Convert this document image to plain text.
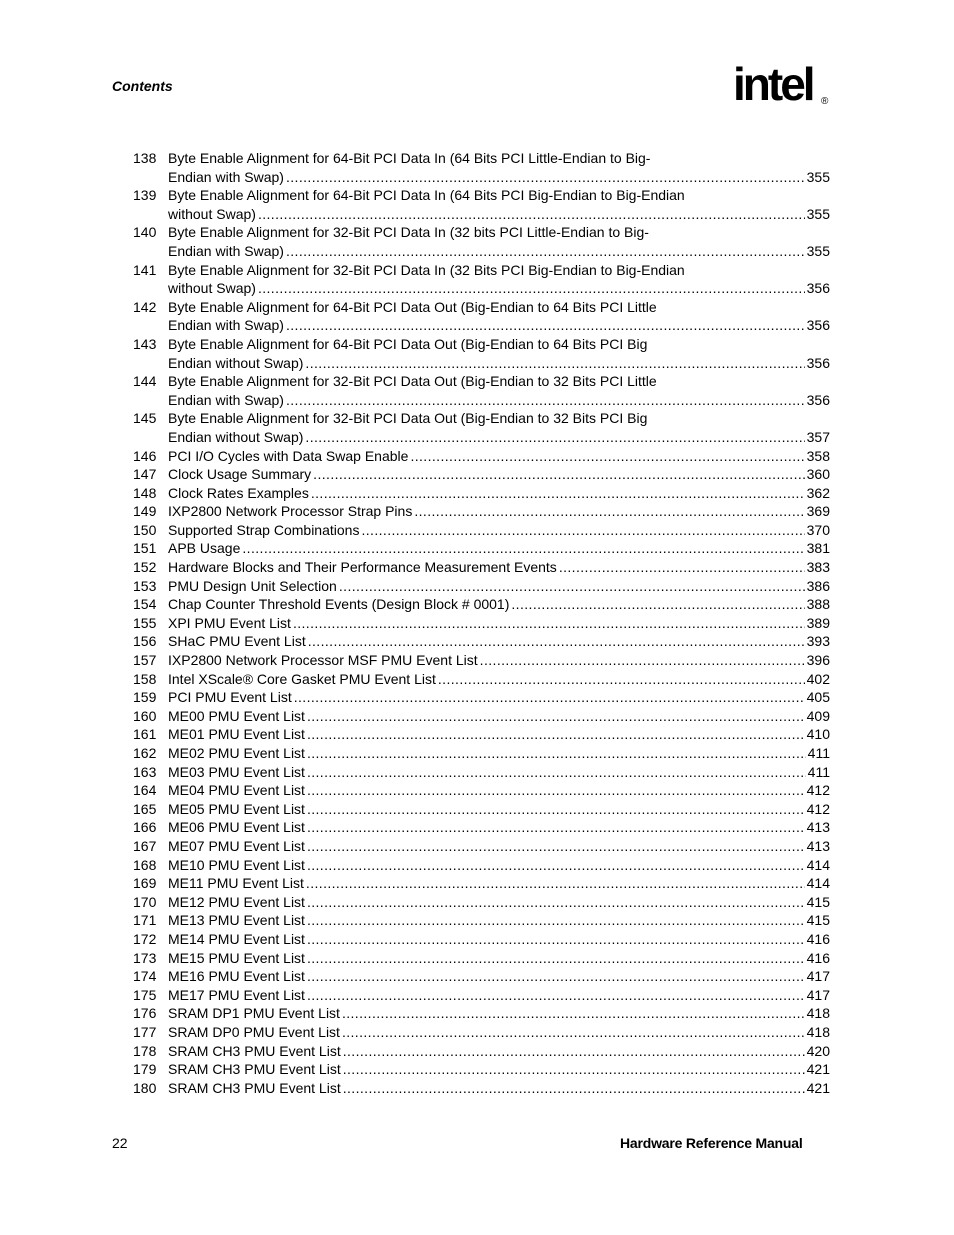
Contents	intel ®
138 Byte Enable Alignment for 64-Bit PCI Data In (64 Bits PCI Little-Endian to Big-
Endian with Swap) .....	355
139 Byte Enable Alignment for 64-Bit PCI Data In (64 Bits PCI Big-Endian to Big-Endian
without Swap) .....	355
140 Byte Enable Alignment for 32-Bit PCI Data In (32 bits PCI Little-Endian to Big-
Endian with Swap) .....	355
141 Byte Enable Alignment for 32-Bit PCI Data In (32 Bits PCI Big-Endian to Big-Endian
without Swap) .....	356
142 Byte Enable Alignment for 64-Bit PCI Data Out (Big-Endian to 64 Bits PCI Little
Endian with Swap) .....	356
143 Byte Enable Alignment for 64-Bit PCI Data Out (Big-Endian to 64 Bits PCI Big
Endian without Swap) .....	356
144 Byte Enable Alignment for 32-Bit PCI Data Out (Big-Endian to 32 Bits PCI Little
Endian with Swap) .....	356
145 Byte Enable Alignment for 32-Bit PCI Data Out (Big-Endian to 32 Bits PCI Big
Endian without Swap) .....	357
146 PCI I/O Cycles with Data Swap Enable .....	358
147 Clock Usage Summary .....	360
148 Clock Rates Examples .....	362
149 IXP2800 Network Processor Strap Pins .....	369
150 Supported Strap Combinations .....	370
151 APB Usage .....	381
152 Hardware Blocks and Their Performance Measurement Events .....	383
153 PMU Design Unit Selection .....	386
154 Chap Counter Threshold Events (Design Block # 0001) .....	388
155 XPI PMU Event List .....	389
156 SHaC PMU Event List .....	393
157 IXP2800 Network Processor MSF PMU Event List .....	396
158 Intel XScale® Core Gasket PMU Event List .....	402
159 PCI PMU Event List .....	405
160 ME00 PMU Event List .....	409
161 ME01 PMU Event List .....	410
162 ME02 PMU Event List .....	411
163 ME03 PMU Event List .....	411
164 ME04 PMU Event List .....	412
165 ME05 PMU Event List .....	412
166 ME06 PMU Event List .....	413
167 ME07 PMU Event List .....	413
168 ME10 PMU Event List .....	414
169 ME11 PMU Event List .....	414
170 ME12 PMU Event List .....	415
171 ME13 PMU Event List .....	415
172 ME14 PMU Event List .....	416
173 ME15 PMU Event List .....	416
174 ME16 PMU Event List .....	417
175 ME17 PMU Event List .....	417
176 SRAM DP1 PMU Event List .....	418
177 SRAM DP0 PMU Event List .....	418
178 SRAM CH3 PMU Event List .....	420
179 SRAM CH3 PMU Event List .....	421
180 SRAM CH3 PMU Event List .....	421
22	Hardware Reference Manual
